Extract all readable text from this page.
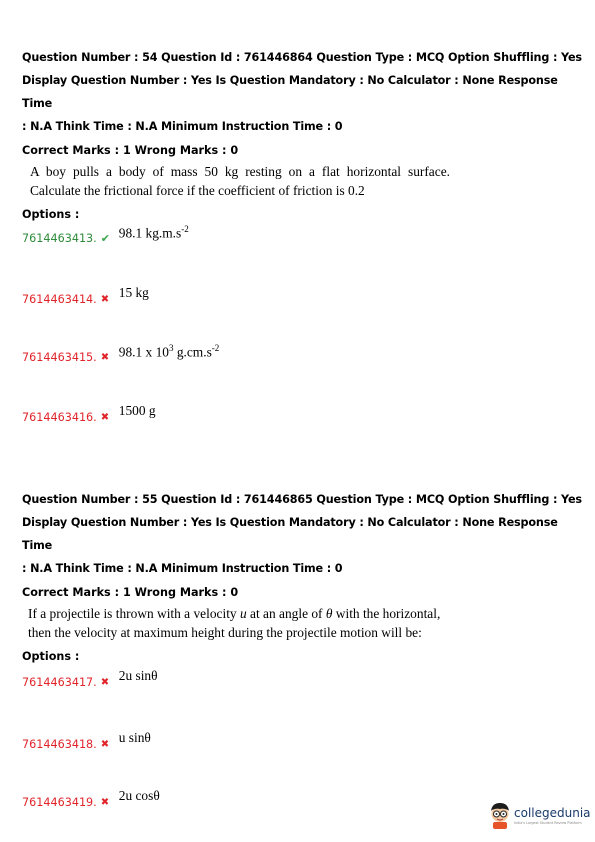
Question Number : 54 Question Id : 761446864 Question Type : MCQ Option Shuffling : Yes
Display Question Number : Yes Is Question Mandatory : No Calculator : None Response Time
: N.A Think Time : N.A Minimum Instruction Time : 0
Correct Marks : 1 Wrong Marks : 0
A boy pulls a body of mass 50 kg resting on a flat horizontal surface.
Calculate the frictional force if the coefficient of friction is 0.2
Options :
7614463413. ✔ 98.1 $kg.m.s^{-2}$
7614463414. ✖ 15 kg
7614463415. ✖ 98.1 x $10^3$ $g.cm.s^{-2}$
7614463416. ✖ 1500 g
Question Number : 55 Question Id : 761446865 Question Type : MCQ Option Shuffling : Yes
Display Question Number : Yes Is Question Mandatory : No Calculator : None Response Time
: N.A Think Time : N.A Minimum Instruction Time : 0
Correct Marks : 1 Wrong Marks : 0
If a projectile is thrown with a velocity u at an angle of θ with the horizontal,
then the velocity at maximum height during the projectile motion will be:
Options :
7614463417. ✖ 2u sinθ
7614463418. ✖ u sinθ
7614463419. ✖ 2u cosθ
collegedunia
India's Largest Student Review Platform
